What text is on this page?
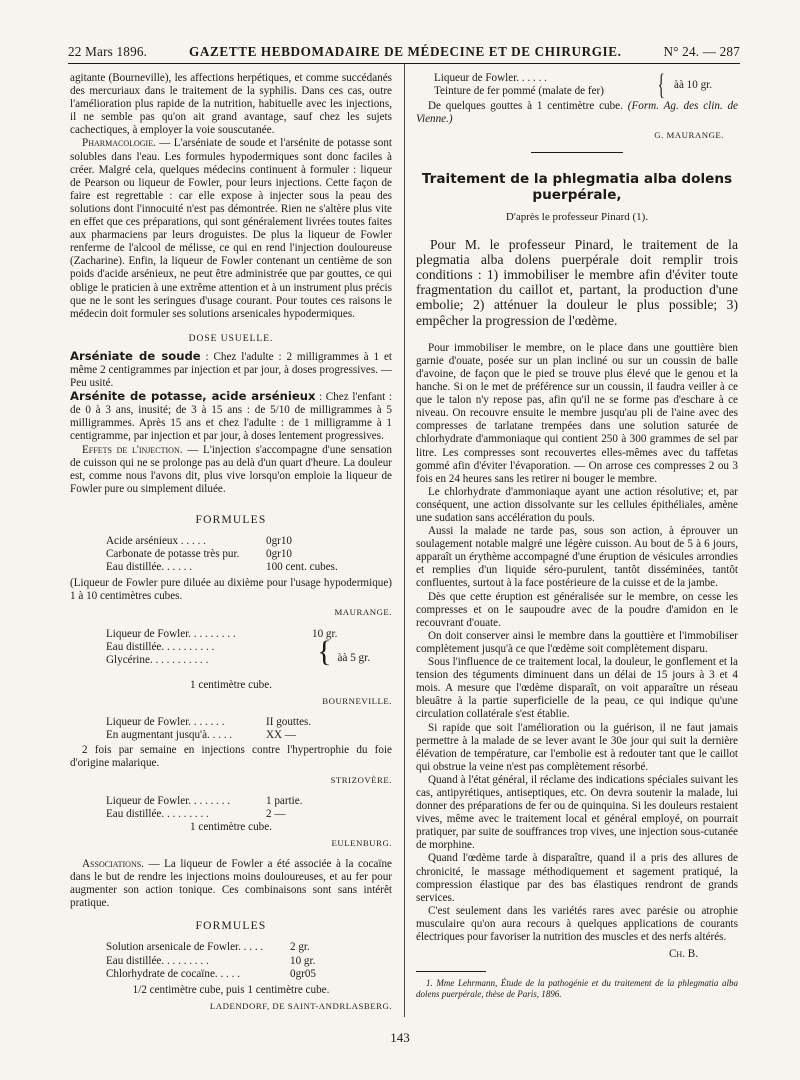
22 Mars 1896.	GAZETTE HEBDOMADAIRE DE MÉDECINE ET DE CHIRURGIE.	N° 24. — 287

agitante (Bourneville), les affections herpétiques, et comme succédanés des mercuriaux dans le traitement de la syphilis. Dans ces cas, outre l'amélioration plus rapide de la nutrition, habituelle avec les injections, il ne semble pas qu'on ait grand avantage, sauf chez les sujets cachectiques, à employer la voie souscutanée.

Pharmacologie. — L'arséniate de soude et l'arsénite de potasse sont solubles dans l'eau. Les formules hypodermiques sont donc faciles à créer. Malgré cela, quelques médecins continuent à formuler : liqueur de Pearson ou liqueur de Fowler, pour leurs injections. Cette façon de faire est regrettable : car elle expose à injecter sous la peau des solutions dont l'innocuité n'est pas démontrée. Rien ne s'altère plus vite en effet que ces préparations, qui sont généralement livrées toutes faites aux pharmaciens par leurs droguistes. De plus la liqueur de Fowler renferme de l'alcool de mélisse, ce qui en rend l'injection douloureuse (Zacharine). Enfin, la liqueur de Fowler contenant un centième de son poids d'acide arsénieux, ne peut être administrée que par gouttes, ce qui oblige le praticien à une extrême attention et à un instrument plus précis que ne le sont les seringues d'usage courant. Pour toutes ces raisons le médecin doit formuler ses solutions arsenicales hypodermiques.

DOSE USUELLE.

Arséniate de soude : Chez l'adulte : 2 milligrammes à 1 et même 2 centigrammes par injection et par jour, à doses progressives. — Peu usité.

Arsénite de potasse, acide arsénieux : Chez l'enfant : de 0 à 3 ans, inusité; de 3 à 15 ans : de 5/10 de milligrammes à 5 milligrammes. Après 15 ans et chez l'adulte : de 1 milligramme à 1 centigramme, par injection et par jour, à doses lentement progressives.

Effets de l'injection. — L'injection s'accompagne d'une sensation de cuisson qui ne se prolonge pas au delà d'un quart d'heure. La douleur est, comme nous l'avons dit, plus vive lorsqu'on emploie la liqueur de Fowler pure ou simplement diluée.

FORMULES
Acide arsénieux . . . . .	0gr10
Carbonate de potasse très pur.	0gr10
Eau distillée. . . . . .	100 cent. cubes.

(Liqueur de Fowler pure diluée au dixième pour l'usage hypodermique) 1 à 10 centimètres cubes.

MAURANGE.
Liqueur de Fowler. . . . . . . . .	10 gr.
Eau distillée. . . . . . . . . .
Glycérine. . . . . . . . . . .	{ àà 5 gr.
1 centimètre cube.
BOURNEVILLE.
Liqueur de Fowler. . . . . . .	II gouttes.
En augmentant jusqu'à. . . . .	XX —

2 fois par semaine en injections contre l'hypertrophie du foie d'origine malarique.

STRIZOVÈRE.
Liqueur de Fowler. . . . . . . .	1 partie.
Eau distillée. . . . . . . . .	2 —
1 centimètre cube.
EULENBURG.

Associations. — La liqueur de Fowler a été associée à la cocaïne dans le but de rendre les injections moins douloureuses, et au fer pour augmenter son action tonique. Ces combinaisons sont sans intérêt pratique.

FORMULES
Solution arsenicale de Fowler. . . . .	2 gr.
Eau distillée. . . . . . . . .	10 gr.
Chlorhydrate de cocaïne. . . . .	0gr05
1/2 centimètre cube, puis 1 centimètre cube.
LADENDORF, DE SAINT-ANDRLASBERG.
Liqueur de Fowler. . . . . .
Teinture de fer pommé (malate de fer)	{ àà 10 gr.

De quelques gouttes à 1 centimètre cube. (Form. Ag. des clin. de Vienne.)

G. MAURANGE.
Traitement de la phlegmatia alba dolens puerpérale,
D'après le professeur Pinard (1).

Pour M. le professeur Pinard, le traitement de la plegmatia alba dolens puerpérale doit remplir trois conditions : 1) immobiliser le membre afin d'éviter toute fragmentation du caillot et, partant, la production d'une embolie; 2) atténuer la douleur le plus possible; 3) empêcher la progression de l'œdème.

Pour immobiliser le membre, on le place dans une gouttière bien garnie d'ouate, posée sur un plan incliné ou sur un coussin de balle d'avoine, de façon que le pied se trouve plus élevé que le genou et la hanche. Si on le met de préférence sur un coussin, il faudra veiller à ce que le talon n'y repose pas, afin qu'il ne se forme pas d'eschare à ce niveau. On recouvre ensuite le membre jusqu'au pli de l'aine avec des compresses de tarlatane trempées dans une solution saturée de chlorhydrate d'ammoniaque qui contient 250 à 300 grammes de sel par litre. Les compresses sont recouvertes elles-mêmes avec du taffetas gommé afin d'éviter l'évaporation. — On arrose ces compresses 2 ou 3 fois en 24 heures sans les retirer ni bouger le membre.

Le chlorhydrate d'ammoniaque ayant une action résolutive; et, par conséquent, une action dissolvante sur les cellules épithéliales, amène une sudation sans accélération du pouls.

Aussi la malade ne tarde pas, sous son action, à éprouver un soulagement notable malgré une légère cuisson. Au bout de 5 à 6 jours, apparaît un érythème accompagné d'une éruption de vésicules arrondies et remplies d'un liquide séro-purulent, tantôt disséminées, tantôt confluentes, surtout à la face postérieure de la cuisse et de la jambe.

Dès que cette éruption est généralisée sur le membre, on cesse les compresses et on le saupoudre avec de la poudre d'amidon en le recouvrant d'ouate.

On doit conserver ainsi le membre dans la gouttière et l'immobiliser complètement jusqu'à ce que l'œdème soit complètement disparu.

Sous l'influence de ce traitement local, la douleur, le gonflement et la tension des téguments diminuent dans un délai de 15 jours à 3 et 4 mois. A mesure que l'œdème disparaît, on voit apparaître un réseau bleuâtre à la partie superficielle de la peau, ce qui indique qu'une circulation collatérale s'est établie.

Si rapide que soit l'amélioration ou la guérison, il ne faut jamais permettre à la malade de se lever avant le 30e jour qui suit la dernière élévation de température, car l'embolie est à redouter tant que le caillot qui obstrue la veine n'est pas complètement résorbé.

Quand à l'état général, il réclame des indications spéciales suivant les cas, antipyrétiques, antiseptiques, etc. On devra soutenir la malade, lui donner des préparations de fer ou de quinquina. Si les douleurs restaient vives, même avec le traitement local et général employé, on pourrait pratiquer, par suite de souffrances trop vives, une injection sous-cutanée de morphine.

Quand l'œdème tarde à disparaître, quand il a pris des allures de chronicité, le massage méthodiquement et sagement pratiqué, la compression élastique par des bas élastiques rendront de grands services.

C'est seulement dans les variétés rares avec parésie ou atrophie musculaire qu'on aura recours à quelques applications de courants électriques pour favoriser la nutrition des muscles et des nerfs altérés.

Ch. B.

1. Mme Lehrmann, Étude de la pathogénie et du traitement de la phlegmatia alba dolens puerpérale, thèse de Paris, 1896.

143
